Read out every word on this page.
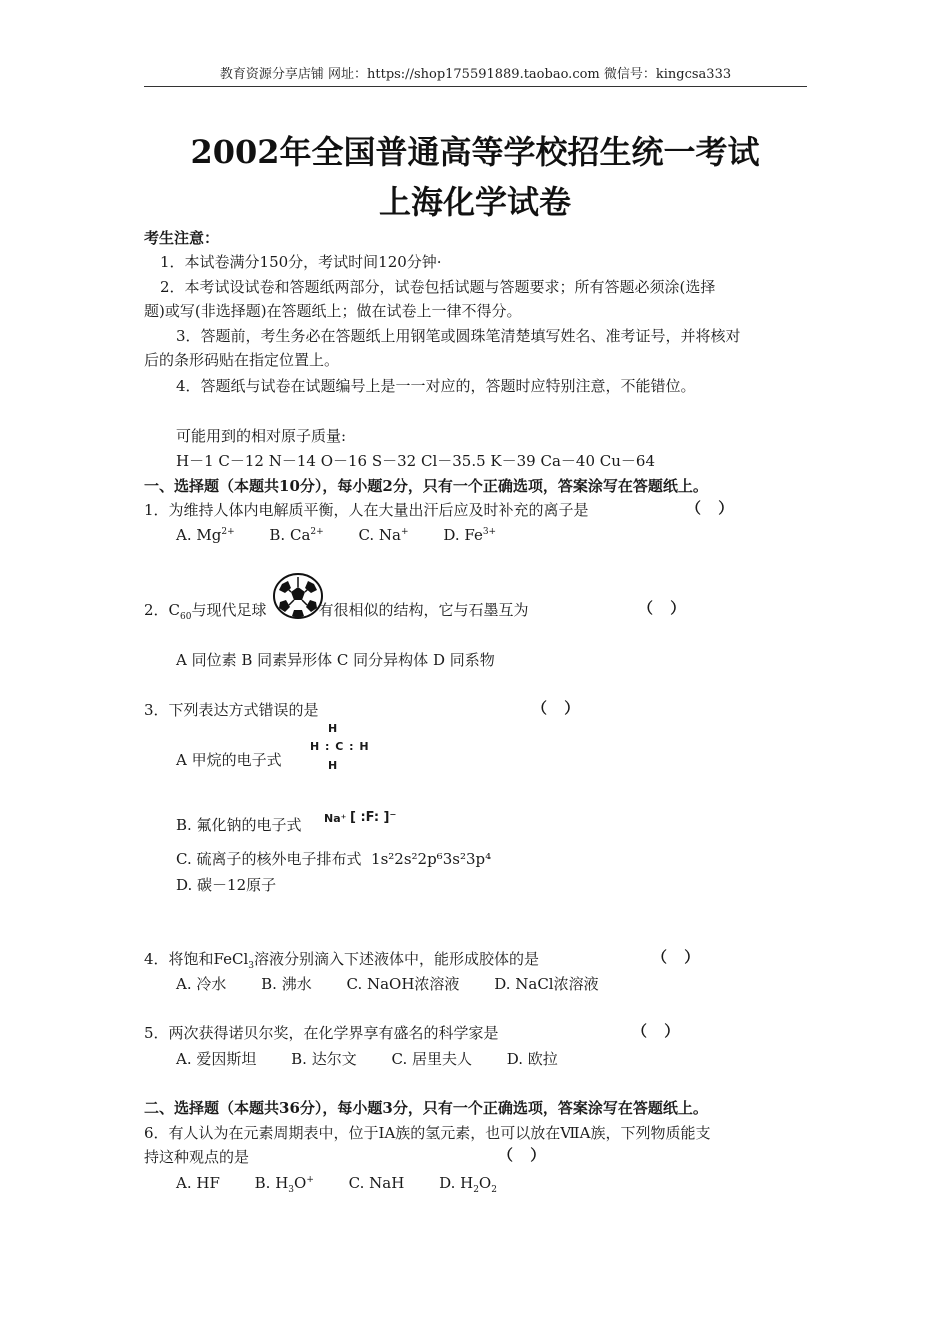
教育资源分享店铺 网址：https://shop175591889.taobao.com 微信号：kingcsa333
2002年全国普通高等学校招生统一考试
上海化学试卷
考生注意：
1．本试卷满分150分，考试时间120分钟·
2．本考试设试卷和答题纸两部分，试卷包括试题与答题要求；所有答题必须涂(选择
题)或写(非选择题)在答题纸上；做在试卷上一律不得分。
3．答题前，考生务必在答题纸上用钢笔或圆珠笔清楚填写姓名、准考证号，并将核对
后的条形码贴在指定位置上。
4．答题纸与试卷在试题编号上是一一对应的，答题时应特别注意，不能错位。
可能用到的相对原子质量:
H－1 C－12 N－14 O－16 S－32 Cl－35.5 K－39 Ca－40 Cu－64
一、选择题（本题共10分），每小题2分，只有一个正确选项，答案涂写在答题纸上。
1．为维持人体内电解质平衡，人在大量出汗后应及时补充的离子是	（ ）
A. $Mg^{2+}$ B. $Ca^{2+}$ C. Na+ D. $Fe^{3+}$
2．$C_{60}$与现代足球	有很相似的结构，它与石墨互为	（ ）
A 同位素 B 同素异形体 C 同分异构体 D 同系物
3．下列表达方式错误的是	（ ）
A 甲烷的电子式
H
H : C : H
H
B. 氟化钠的电子式 Na⁺ [ :F: ]⁻
C. 硫离子的核外电子排布式  1s²2s²2p⁶3s²3p⁴
D. 碳－12原子
4．将饱和FeCl$_3$溶液分别滴入下述液体中，能形成胶体的是	（ ）
A. 冷水 B. 沸水 C. NaOH浓溶液 D. NaCl浓溶液
5．两次获得诺贝尔奖，在化学界享有盛名的科学家是	（ ）
A. 爱因斯坦 B. 达尔文 C. 居里夫人 D. 欧拉
二、选择题（本题共36分），每小题3分，只有一个正确选项，答案涂写在答题纸上。
6．有人认为在元素周期表中，位于ⅠA族的氢元素，也可以放在ⅦA族，下列物质能支
持这种观点的是	（ ）
A. HF B. $H_3O^+$ C. NaH D. $H_2O_2$
